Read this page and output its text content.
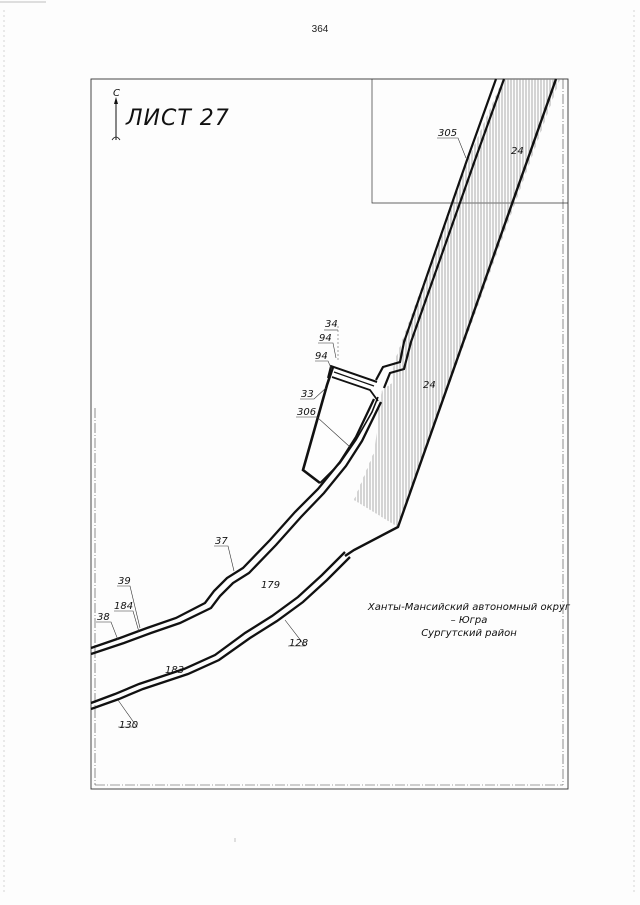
364
С
ЛИСТ 27
305
24
24
34
94
94
33
306
37
179
39
184
38
128
183
130
Ханты-Мансийский автономный округ
– Югра
Сургутский район
